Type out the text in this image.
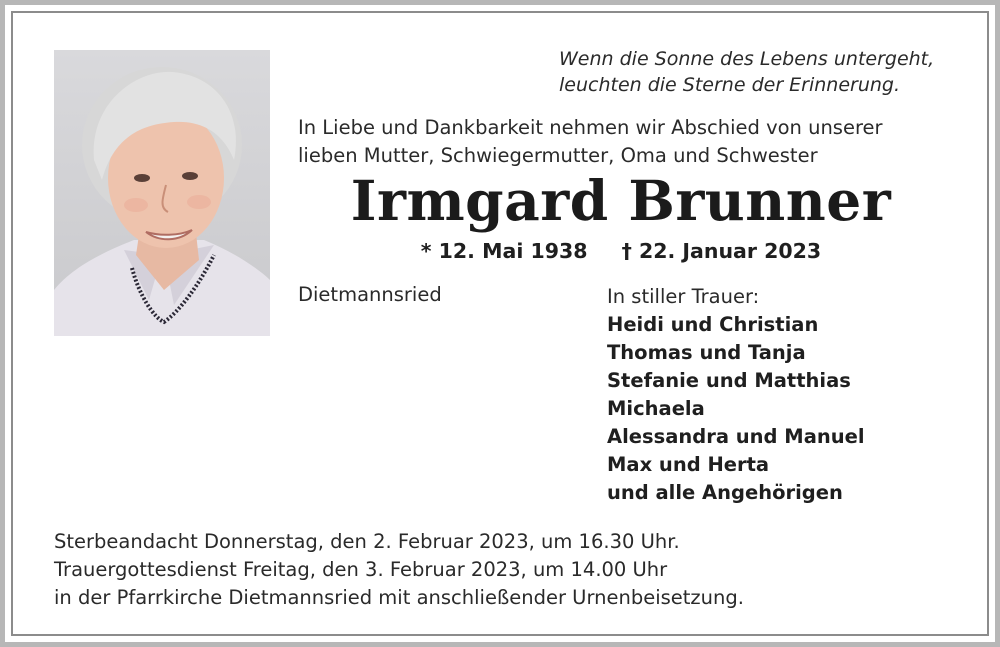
Wenn die Sonne des Lebens untergeht,
leuchten die Sterne der Erinnerung.
In Liebe und Dankbarkeit nehmen wir Abschied von unserer
lieben Mutter, Schwiegermutter, Oma und Schwester
Irmgard Brunner
* 12. Mai 1938 † 22. Januar 2023
Dietmannsried	In stiller Trauer:
Heidi und Christian
Thomas und Tanja
Stefanie und Matthias
Michaela
Alessandra und Manuel
Max und Herta
und alle Angehörigen
Sterbeandacht Donnerstag, den 2. Februar 2023, um 16.30 Uhr.
Trauergottesdienst Freitag, den 3. Februar 2023, um 14.00 Uhr
in der Pfarrkirche Dietmannsried mit anschließender Urnenbeisetzung.
